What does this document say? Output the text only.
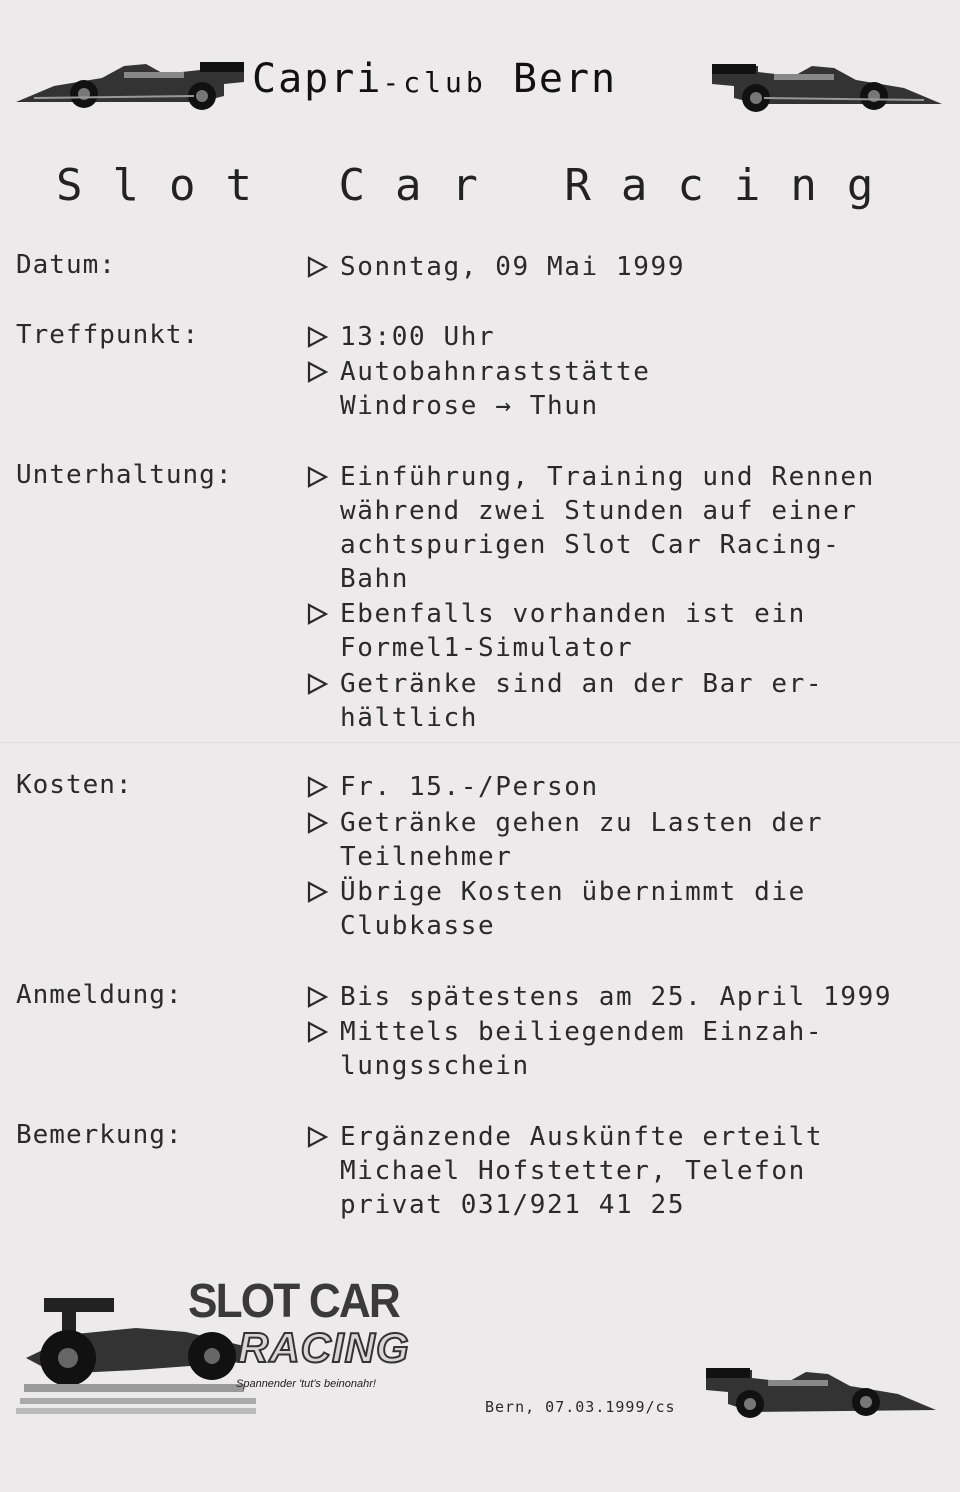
Capri-club Bern
Slot Car Racing
Datum:	Sonntag, 09 Mai 1999
Treffpunkt:	13:00 Uhr
Autobahnraststätte
Windrose → Thun
Unterhaltung:	Einführung, Training und Rennen
während zwei Stunden auf einer
achtspurigen Slot Car Racing-
Bahn
Ebenfalls vorhanden ist ein
Formel1-Simulator
Getränke sind an der Bar er-
hältlich
Kosten:	Fr. 15.-/Person
Getränke gehen zu Lasten der
Teilnehmer
Übrige Kosten übernimmt die
Clubkasse
Anmeldung:	Bis spätestens am 25. April 1999
Mittels beiliegendem Einzah-
lungsschein
Bemerkung:	Ergänzende Auskünfte erteilt
Michael Hofstetter, Telefon
privat 031/921 41 25
SLOT CAR
RACING
Spannender 'tut's beinonahr!
Bern, 07.03.1999/cs
